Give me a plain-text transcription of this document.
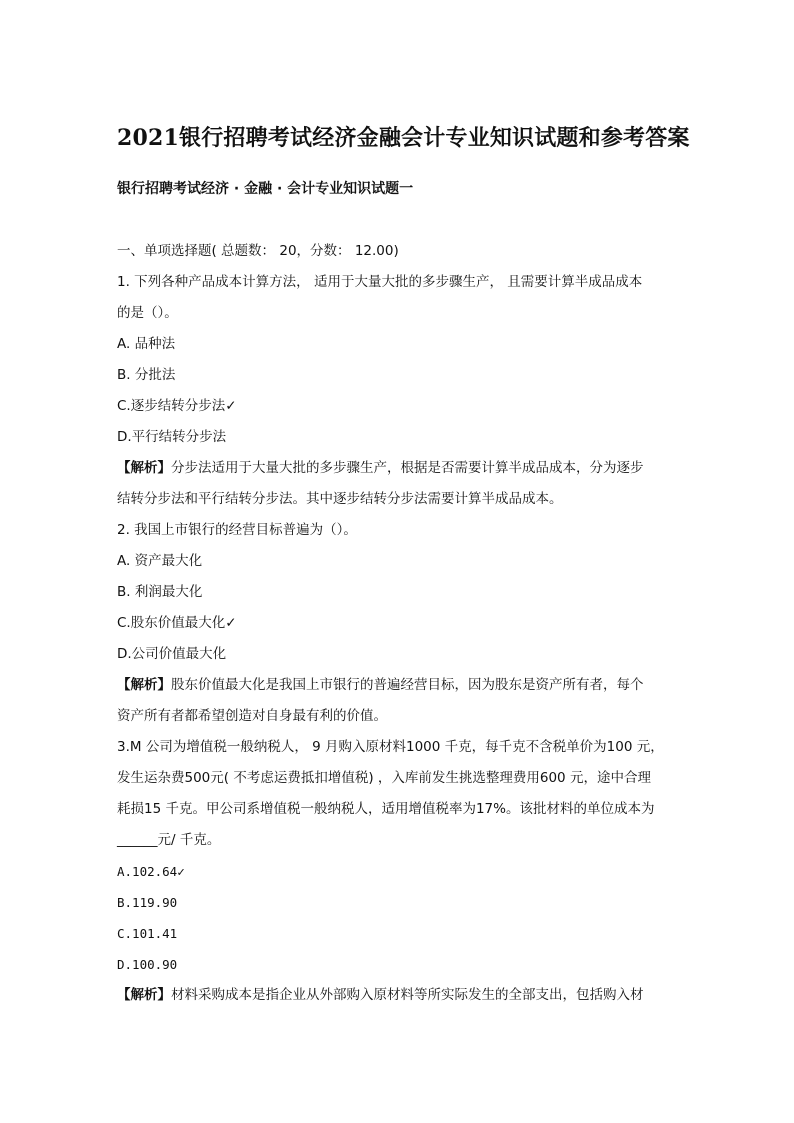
2021银行招聘考试经济金融会计专业知识试题和参考答案
银行招聘考试经济 · 金融 · 会计专业知识试题一

一、单项选择题( 总题数： 20，分数： 12.00)

1. 下列各种产品成本计算方法， 适用于大量大批的多步骤生产， 且需要计算半成品成本

的是（）。

A. 品种法

B. 分批法

C.逐步结转分步法✓

D.平行结转分步法

【解析】分步法适用于大量大批的多步骤生产，根据是否需要计算半成品成本，分为逐步

结转分步法和平行结转分步法。其中逐步结转分步法需要计算半成品成本。

2. 我国上市银行的经营目标普遍为（）。

A. 资产最大化

B. 利润最大化

C.股东价值最大化✓

D.公司价值最大化

【解析】股东价值最大化是我国上市银行的普遍经营目标，因为股东是资产所有者，每个

资产所有者都希望创造对自身最有利的价值。

3.M 公司为增值税一般纳税人， 9 月购入原材料1000 千克，每千克不含税单价为100 元，

发生运杂费500元( 不考虑运费抵扣增值税) ，入库前发生挑选整理费用600 元，途中合理

耗损15 千克。甲公司系增值税一般纳税人，适用增值税率为17%。该批材料的单位成本为

______元/ 千克。

A.102.64✓

B.119.90

C.101.41

D.100.90

【解析】材料采购成本是指企业从外部购入原材料等所实际发生的全部支出，包括购入材
